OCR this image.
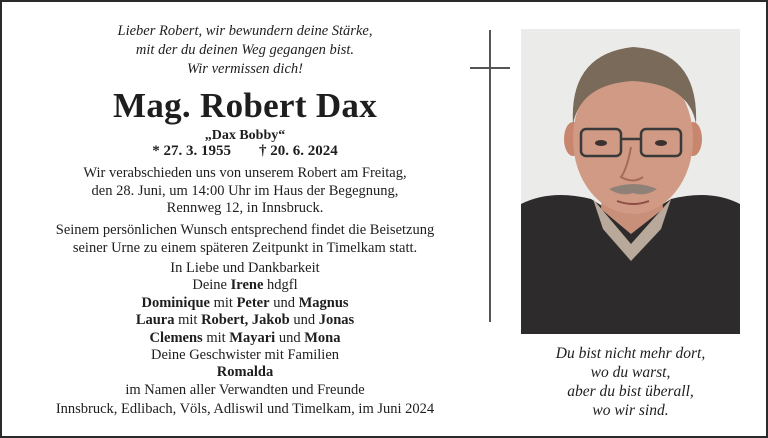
Lieber Robert, wir bewundern deine Stärke,
mit der du deinen Weg gegangen bist.
Wir vermissen dich!
Mag. Robert Dax
„Dax Bobby“
* 27. 3. 1955 † 20. 6. 2024
Wir verabschieden uns von unserem Robert am Freitag,
den 28. Juni, um 14:00 Uhr im Haus der Begegnung,
Rennweg 12, in Innsbruck.
Seinem persönlichen Wunsch entsprechend findet die Beisetzung
seiner Urne zu einem späteren Zeitpunkt in Timelkam statt.
In Liebe und Dankbarkeit
Deine Irene hdgfl
Dominique mit Peter und Magnus
Laura mit Robert, Jakob und Jonas
Clemens mit Mayari und Mona
Deine Geschwister mit Familien
Romalda
im Namen aller Verwandten und Freunde
Innsbruck, Edlibach, Völs, Adliswil und Timelkam, im Juni 2024
Du bist nicht mehr dort,
wo du warst,
aber du bist überall,
wo wir sind.
